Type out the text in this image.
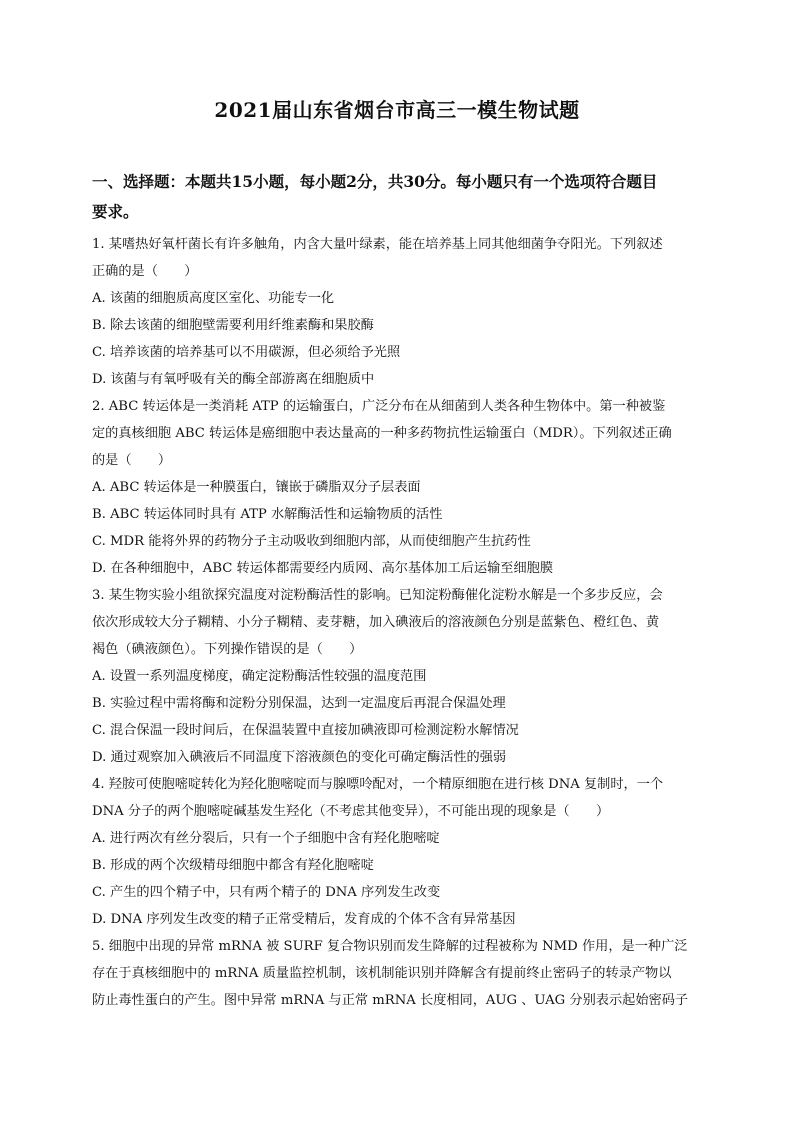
2021届山东省烟台市高三一模生物试题
一、选择题：本题共15小题，每小题2分，共30分。每小题只有一个选项符合题目
要求。
1. 某嗜热好氧杆菌长有许多触角，内含大量叶绿素，能在培养基上同其他细菌争夺阳光。下列叙述
正确的是（　　）
A. 该菌的细胞质高度区室化、功能专一化
B. 除去该菌的细胞壁需要利用纤维素酶和果胶酶
C. 培养该菌的培养基可以不用碳源，但必须给予光照
D. 该菌与有氧呼吸有关的酶全部游离在细胞质中
2. ABC 转运体是一类消耗 ATP 的运输蛋白，广泛分布在从细菌到人类各种生物体中。第一种被鉴
定的真核细胞 ABC 转运体是癌细胞中表达量高的一种多药物抗性运输蛋白（MDR）。下列叙述正确
的是（　　）
A. ABC 转运体是一种膜蛋白，镶嵌于磷脂双分子层表面
B. ABC 转运体同时具有 ATP 水解酶活性和运输物质的活性
C. MDR 能将外界的药物分子主动吸收到细胞内部，从而使细胞产生抗药性
D. 在各种细胞中，ABC 转运体都需要经内质网、高尔基体加工后运输至细胞膜
3. 某生物实验小组欲探究温度对淀粉酶活性的影响。已知淀粉酶催化淀粉水解是一个多步反应，会
依次形成较大分子糊精、小分子糊精、麦芽糖，加入碘液后的溶液颜色分别是蓝紫色、橙红色、黄
褐色（碘液颜色）。下列操作错误的是（　　）
A. 设置一系列温度梯度，确定淀粉酶活性较强的温度范围
B. 实验过程中需将酶和淀粉分别保温，达到一定温度后再混合保温处理
C. 混合保温一段时间后，在保温装置中直接加碘液即可检测淀粉水解情况
D. 通过观察加入碘液后不同温度下溶液颜色的变化可确定酶活性的强弱
4. 羟胺可使胞嘧啶转化为羟化胞嘧啶而与腺嘌呤配对，一个精原细胞在进行核 DNA 复制时，一个
DNA 分子的两个胞嘧啶碱基发生羟化（不考虑其他变异），不可能出现的现象是（　　）
A. 进行两次有丝分裂后，只有一个子细胞中含有羟化胞嘧啶
B. 形成的两个次级精母细胞中都含有羟化胞嘧啶
C. 产生的四个精子中，只有两个精子的 DNA 序列发生改变
D. DNA 序列发生改变的精子正常受精后，发育成的个体不含有异常基因
5. 细胞中出现的异常 mRNA 被 SURF 复合物识别而发生降解的过程被称为 NMD 作用，是一种广泛
存在于真核细胞中的 mRNA 质量监控机制，该机制能识别并降解含有提前终止密码子的转录产物以
防止毒性蛋白的产生。图中异常 mRNA 与正常 mRNA 长度相同，AUG 、UAG 分别表示起始密码子
